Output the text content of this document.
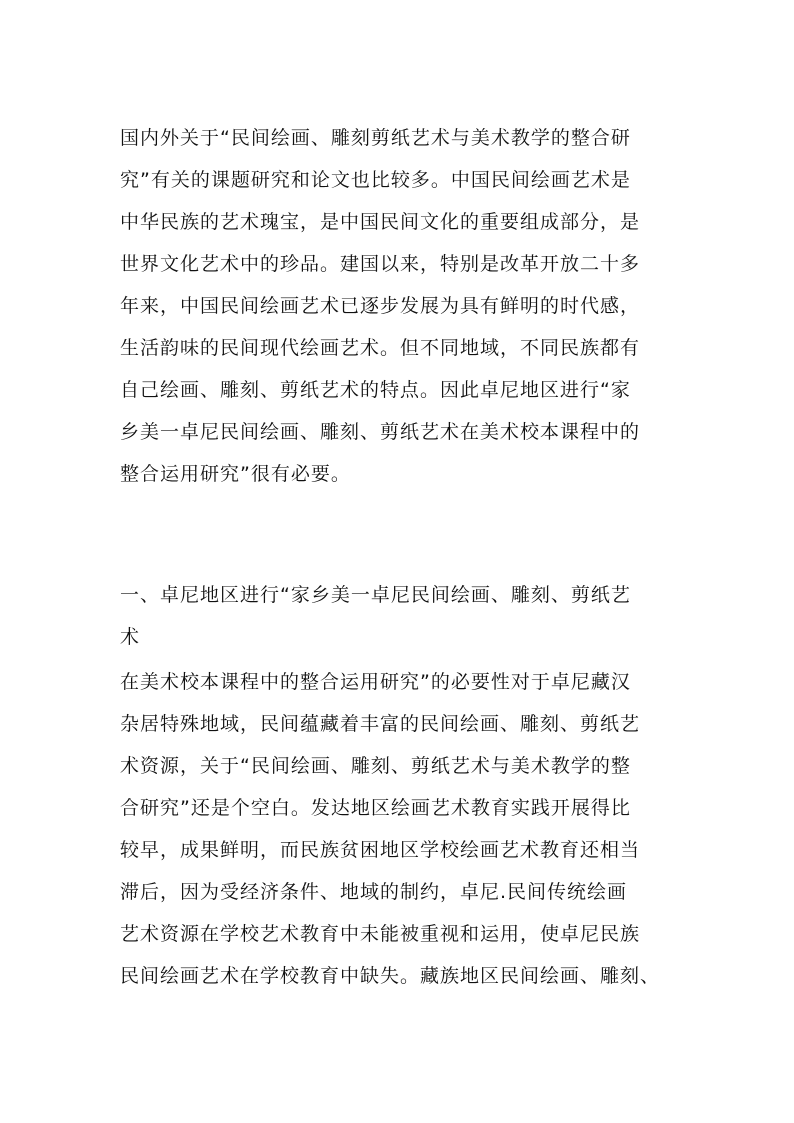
国内外关于“民间绘画、雕刻剪纸艺术与美术教学的整合研
究”有关的课题研究和论文也比较多。中国民间绘画艺术是
中华民族的艺术瑰宝，是中国民间文化的重要组成部分，是
世界文化艺术中的珍品。建国以来，特别是改革开放二十多
年来，中国民间绘画艺术已逐步发展为具有鲜明的时代感，
生活韵味的民间现代绘画艺术。但不同地域，不同民族都有
自己绘画、雕刻、剪纸艺术的特点。因此卓尼地区进行“家
乡美一卓尼民间绘画、雕刻、剪纸艺术在美术校本课程中的
整合运用研究”很有必要。
一、卓尼地区进行“家乡美一卓尼民间绘画、雕刻、剪纸艺
术
在美术校本课程中的整合运用研究”的必要性对于卓尼藏汉
杂居特殊地域，民间蕴藏着丰富的民间绘画、雕刻、剪纸艺
术资源，关于“民间绘画、雕刻、剪纸艺术与美术教学的整
合研究”还是个空白。发达地区绘画艺术教育实践开展得比
较早，成果鲜明，而民族贫困地区学校绘画艺术教育还相当
滞后，因为受经济条件、地域的制约，卓尼.民间传统绘画
艺术资源在学校艺术教育中未能被重视和运用，使卓尼民族
民间绘画艺术在学校教育中缺失。藏族地区民间绘画、雕刻、
